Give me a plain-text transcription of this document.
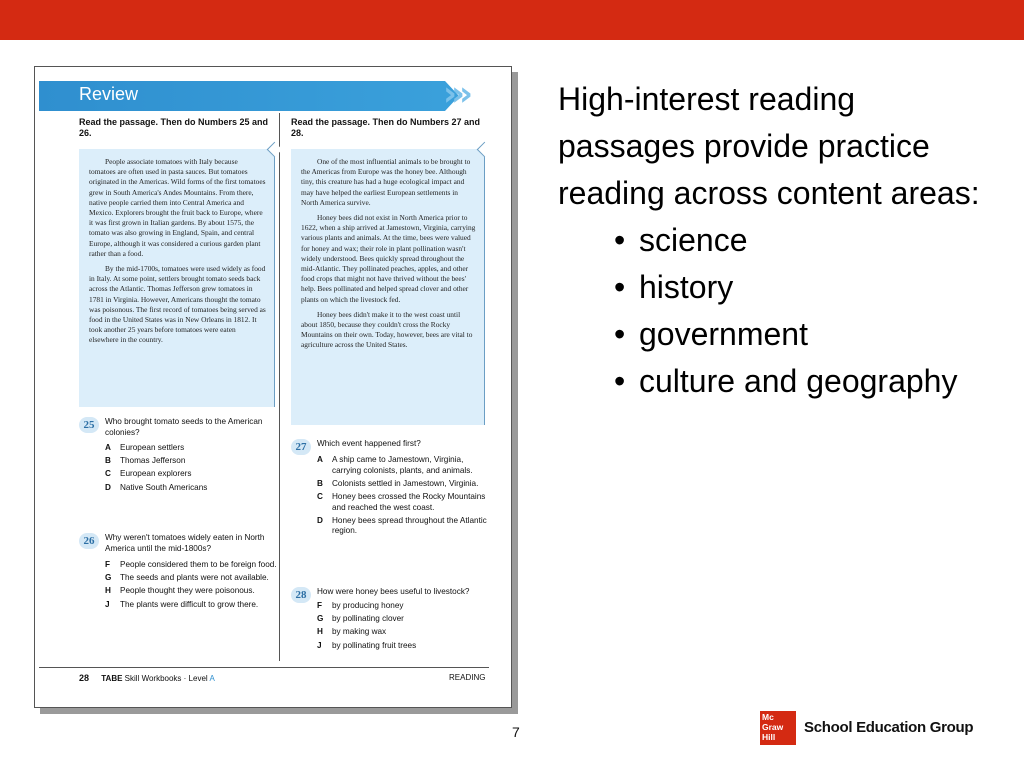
Review	›››
Read the passage. Then do Numbers 25 and 26.

People associate tomatoes with Italy because tomatoes are often used in pasta sauces. But tomatoes originated in the Americas. Wild forms of the first tomatoes grew in South America's Andes Mountains. From there, native people carried them into Central America and Mexico. Explorers brought the fruit back to Europe, where it was first grown in Italian gardens. By about 1575, the tomato was also growing in England, Spain, and central Europe, although it was considered a curious garden plant rather than a food.

By the mid-1700s, tomatoes were used widely as food in Italy. At some point, settlers brought tomato seeds back across the Atlantic. Thomas Jefferson grew tomatoes in 1781 in Virginia. However, Americans thought the tomato was poisonous. The first record of tomatoes being served as food in the United States was in New Orleans in 1812. It took another 25 years before tomatoes were eaten elsewhere in the country.

25	Who brought tomato seeds to the American colonies?
A	European settlers
B	Thomas Jefferson
C	European explorers
D	Native South Americans
26	Why weren't tomatoes widely eaten in North America until the mid-1800s?
F	People considered them to be foreign food.
G	The seeds and plants were not available.
H	People thought they were poisonous.
J	The plants were difficult to grow there.
Read the passage. Then do Numbers 27 and 28.

One of the most influential animals to be brought to the Americas from Europe was the honey bee. Although tiny, this creature has had a huge ecological impact and may have helped the earliest European settlements in North America survive.

Honey bees did not exist in North America prior to 1622, when a ship arrived at Jamestown, Virginia, carrying various plants and animals. At the time, bees were valued for honey and wax; their role in plant pollination wasn't widely understood. Bees quickly spread throughout the mid-Atlantic. They pollinated peaches, apples, and other food crops that might not have thrived without the bees' help. Bees pollinated and helped spread clover and other plants on which the livestock fed.

Honey bees didn't make it to the west coast until about 1850, because they couldn't cross the Rocky Mountains on their own. Today, however, bees are vital to agriculture across the United States.

27	Which event happened first?
A	A ship came to Jamestown, Virginia, carrying colonists, plants, and animals.
B	Colonists settled in Jamestown, Virginia.
C	Honey bees crossed the Rocky Mountains and reached the west coast.
D	Honey bees spread throughout the Atlantic region.
28	How were honey bees useful to livestock?
F	by producing honey
G	by pollinating clover
H	by making wax
J	by pollinating fruit trees
28 TABE Skill Workbooks · Level A	READING
High-interest reading passages provide practice reading across content areas:
• science
• history
• government
• culture and geography
7
Mc
Graw
Hill
School Education Group
